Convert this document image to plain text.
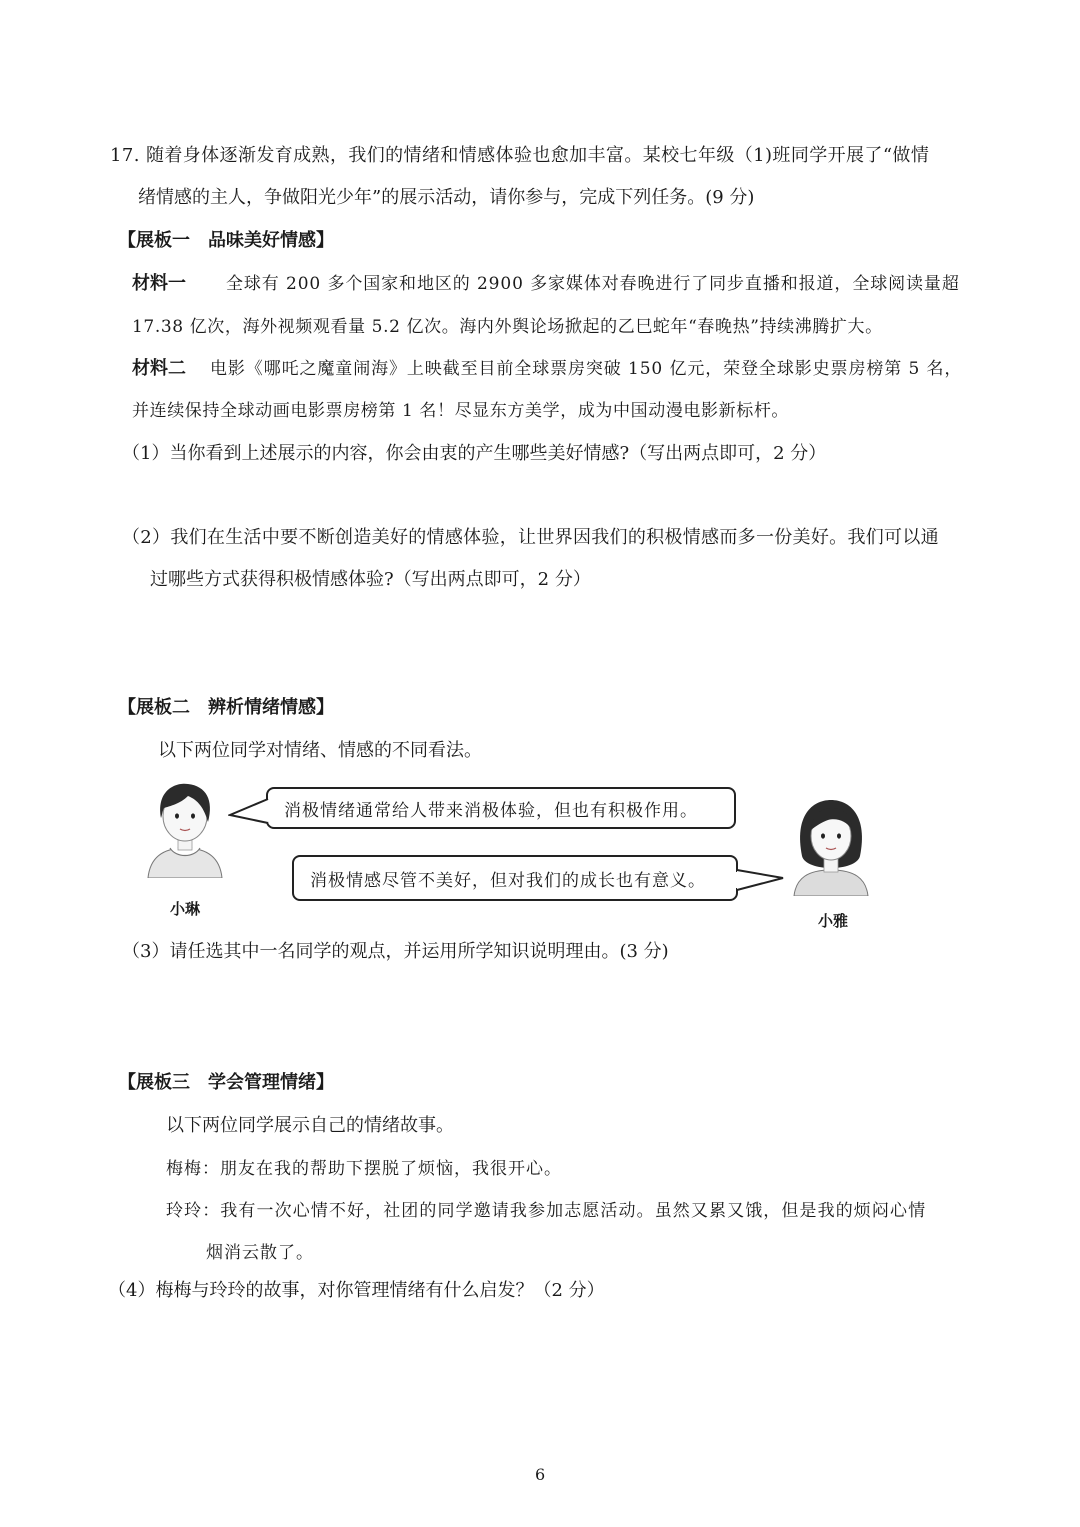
17. 随着身体逐渐发育成熟，我们的情绪和情感体验也愈加丰富。某校七年级（1)班同学开展了“做情
绪情感的主人，争做阳光少年”的展示活动，请你参与，完成下列任务。(9 分)
【展板一　品味美好情感】
材料一 全球有 200 多个国家和地区的 2900 多家媒体对春晚进行了同步直播和报道，全球阅读量超
17.38 亿次，海外视频观看量 5.2 亿次。海内外舆论场掀起的乙巳蛇年“春晚热”持续沸腾扩大。
材料二 电影《哪吒之魔童闹海》上映截至目前全球票房突破 150 亿元，荣登全球影史票房榜第 5 名，
并连续保持全球动画电影票房榜第 1 名！尽显东方美学，成为中国动漫电影新标杆。
（1）当你看到上述展示的内容，你会由衷的产生哪些美好情感?（写出两点即可，2 分）
（2）我们在生活中要不断创造美好的情感体验，让世界因我们的积极情感而多一份美好。我们可以通
过哪些方式获得积极情感体验?（写出两点即可，2 分）
【展板二　辨析情绪情感】
以下两位同学对情绪、情感的不同看法。
消极情绪通常给人带来消极体验，但也有积极作用。
消极情感尽管不美好，但对我们的成长也有意义。
小琳
小雅
（3）请任选其中一名同学的观点，并运用所学知识说明理由。(3 分)
【展板三　学会管理情绪】
以下两位同学展示自己的情绪故事。
梅梅：朋友在我的帮助下摆脱了烦恼，我很开心。
玲玲：我有一次心情不好，社团的同学邀请我参加志愿活动。虽然又累又饿，但是我的烦闷心情
烟消云散了。
（4）梅梅与玲玲的故事，对你管理情绪有什么启发？（2 分）
6
